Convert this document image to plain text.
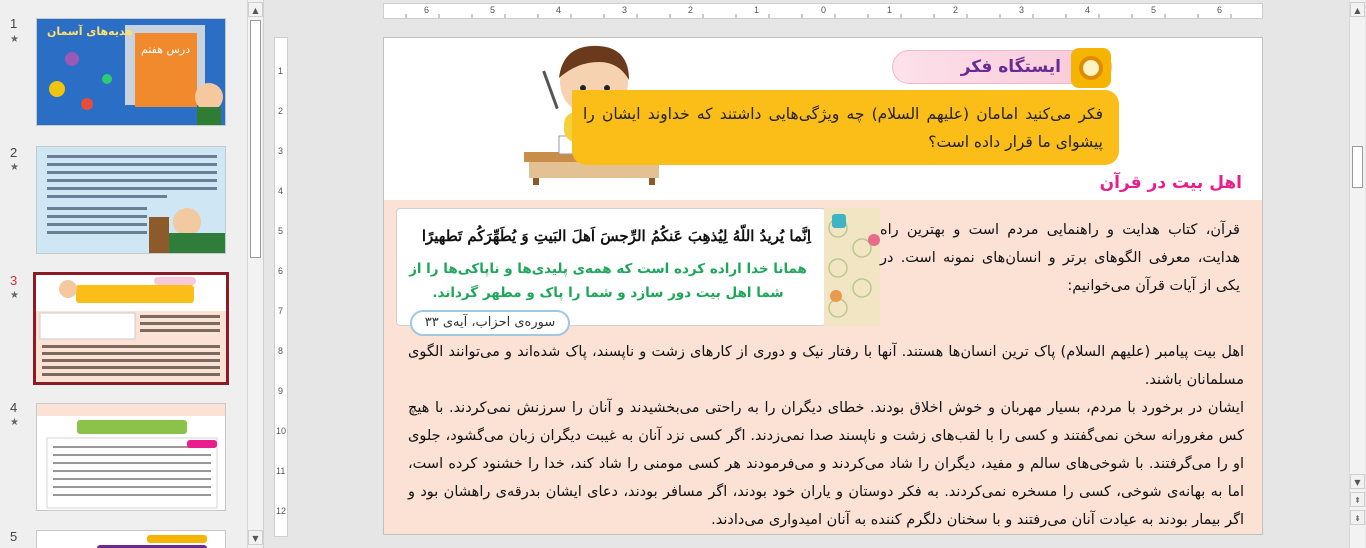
1
★
هدیه‌های آسمان
درس هفتم
2
★
3
★
4
★
5
▲
▼
6	5	4	3	2	1	0	1	2	3	4	5	6
1
2
3
4
5
6
7
8
9
10
11
12
ایستگاه فکر
فکر می‌کنید امامان (علیهم السلام) چه ویژگی‌هایی داشتند که خداوند ایشان را پیشوای ما قرار داده است؟
اهل بیت در قرآن
اِنَّما یُریدُ اللّهُ لِیُذهِبَ عَنکُمُ الرِّجسَ اَهلَ البَیتِ وَ یُطَهِّرَکُم تَطهیرًا
همانا خدا اراده کرده است که همه‌ی پلیدی‌ها و ناپاکی‌ها را از شما اهل بیت دور سازد و شما را پاک و مطهر گرداند.
سوره‌ی احزاب، آیه‌ی ۳۳
قرآن، کتاب هدایت و راهنمایی مردم است و بهترین راه هدایت، معرفی الگوهای برتر و انسان‌های نمونه است. در یکی از آیات قرآن می‌خوانیم:

اهل بیت پیامبر (علیهم السلام) پاک ترین انسان‌ها هستند. آنها با رفتار نیک و دوری از کارهای زشت و ناپسند، پاک شده‌اند و می‌توانند الگوی مسلمانان باشند.

ایشان در برخورد با مردم، بسیار مهربان و خوش اخلاق بودند. خطای دیگران را به راحتی می‌بخشیدند و آنان را سرزنش نمی‌کردند. با هیچ کس مغرورانه سخن نمی‌گفتند و کسی را با لقب‌های زشت و ناپسند صدا نمی‌زدند. اگر کسی نزد آنان به غیبت دیگران زبان می‌گشود، جلوی او را می‌گرفتند. با شوخی‌های سالم و مفید، دیگران را شاد می‌کردند و می‌فرمودند هر کسی مومنی را شاد کند، خدا را خشنود کرده است، اما به بهانه‌ی شوخی، کسی را مسخره نمی‌کردند. به فکر دوستان و یاران خود بودند، اگر مسافر بودند، دعای ایشان بدرقه‌ی راهشان بود و اگر بیمار بودند به عیادت آنان می‌رفتند و با سخنان دلگرم کننده به آنان امیدواری می‌دادند.

▲
▼
⇞
⇟
